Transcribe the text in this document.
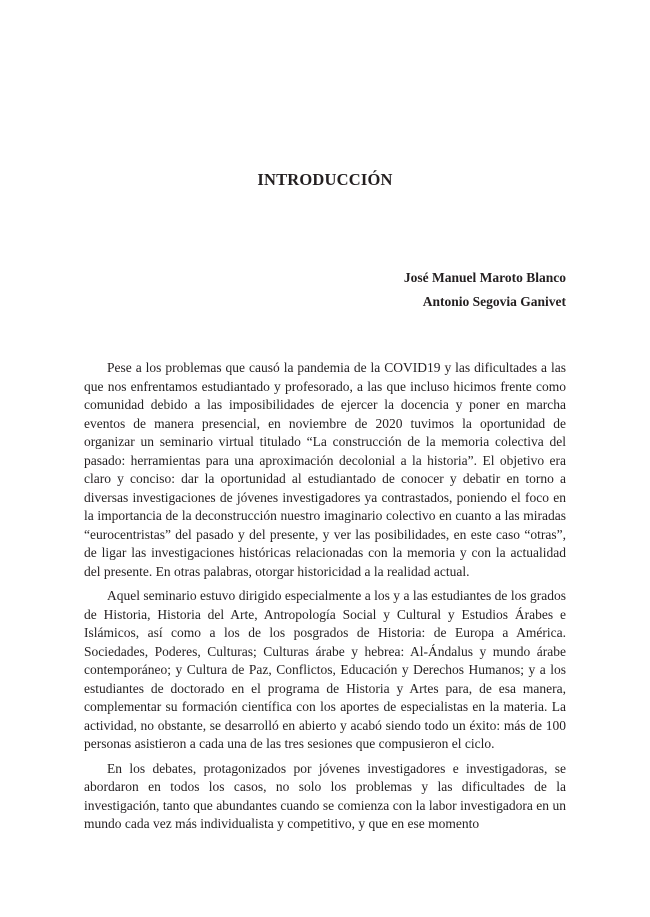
INTRODUCCIÓN
José Manuel Maroto Blanco
Antonio Segovia Ganivet

Pese a los problemas que causó la pandemia de la COVID19 y las dificultades a las que nos enfrentamos estudiantado y profesorado, a las que incluso hicimos frente como comunidad debido a las imposibilidades de ejercer la docencia y poner en marcha eventos de manera presencial, en noviembre de 2020 tuvimos la oportunidad de organizar un seminario virtual titulado “La construcción de la memoria colectiva del pasado: herramientas para una aproximación decolonial a la historia”. El objetivo era claro y conciso: dar la oportunidad al estudiantado de conocer y debatir en torno a diversas investigaciones de jóvenes investigadores ya contrastados, poniendo el foco en la importancia de la deconstrucción nuestro imaginario colectivo en cuanto a las miradas “eurocentristas” del pasado y del presente, y ver las posibilidades, en este caso “otras”, de ligar las investigaciones históricas relacionadas con la memoria y con la actualidad del presente. En otras palabras, otorgar historicidad a la realidad actual.

Aquel seminario estuvo dirigido especialmente a los y a las estudiantes de los grados de Historia, Historia del Arte, Antropología Social y Cultural y Estudios Árabes e Islámicos, así como a los de los posgrados de Historia: de Europa a América. Sociedades, Poderes, Culturas; Culturas árabe y hebrea: Al-Ándalus y mundo árabe contemporáneo; y Cultura de Paz, Conflictos, Educación y Derechos Humanos; y a los estudiantes de doctorado en el programa de Historia y Artes para, de esa manera, complementar su formación científica con los aportes de especialistas en la materia. La actividad, no obstante, se desarrolló en abierto y acabó siendo todo un éxito: más de 100 personas asistieron a cada una de las tres sesiones que compusieron el ciclo.

En los debates, protagonizados por jóvenes investigadores e investigadoras, se abordaron en todos los casos, no solo los problemas y las dificultades de la investigación, tanto que abundantes cuando se comienza con la labor investigadora en un mundo cada vez más individualista y competitivo, y que en ese momento
